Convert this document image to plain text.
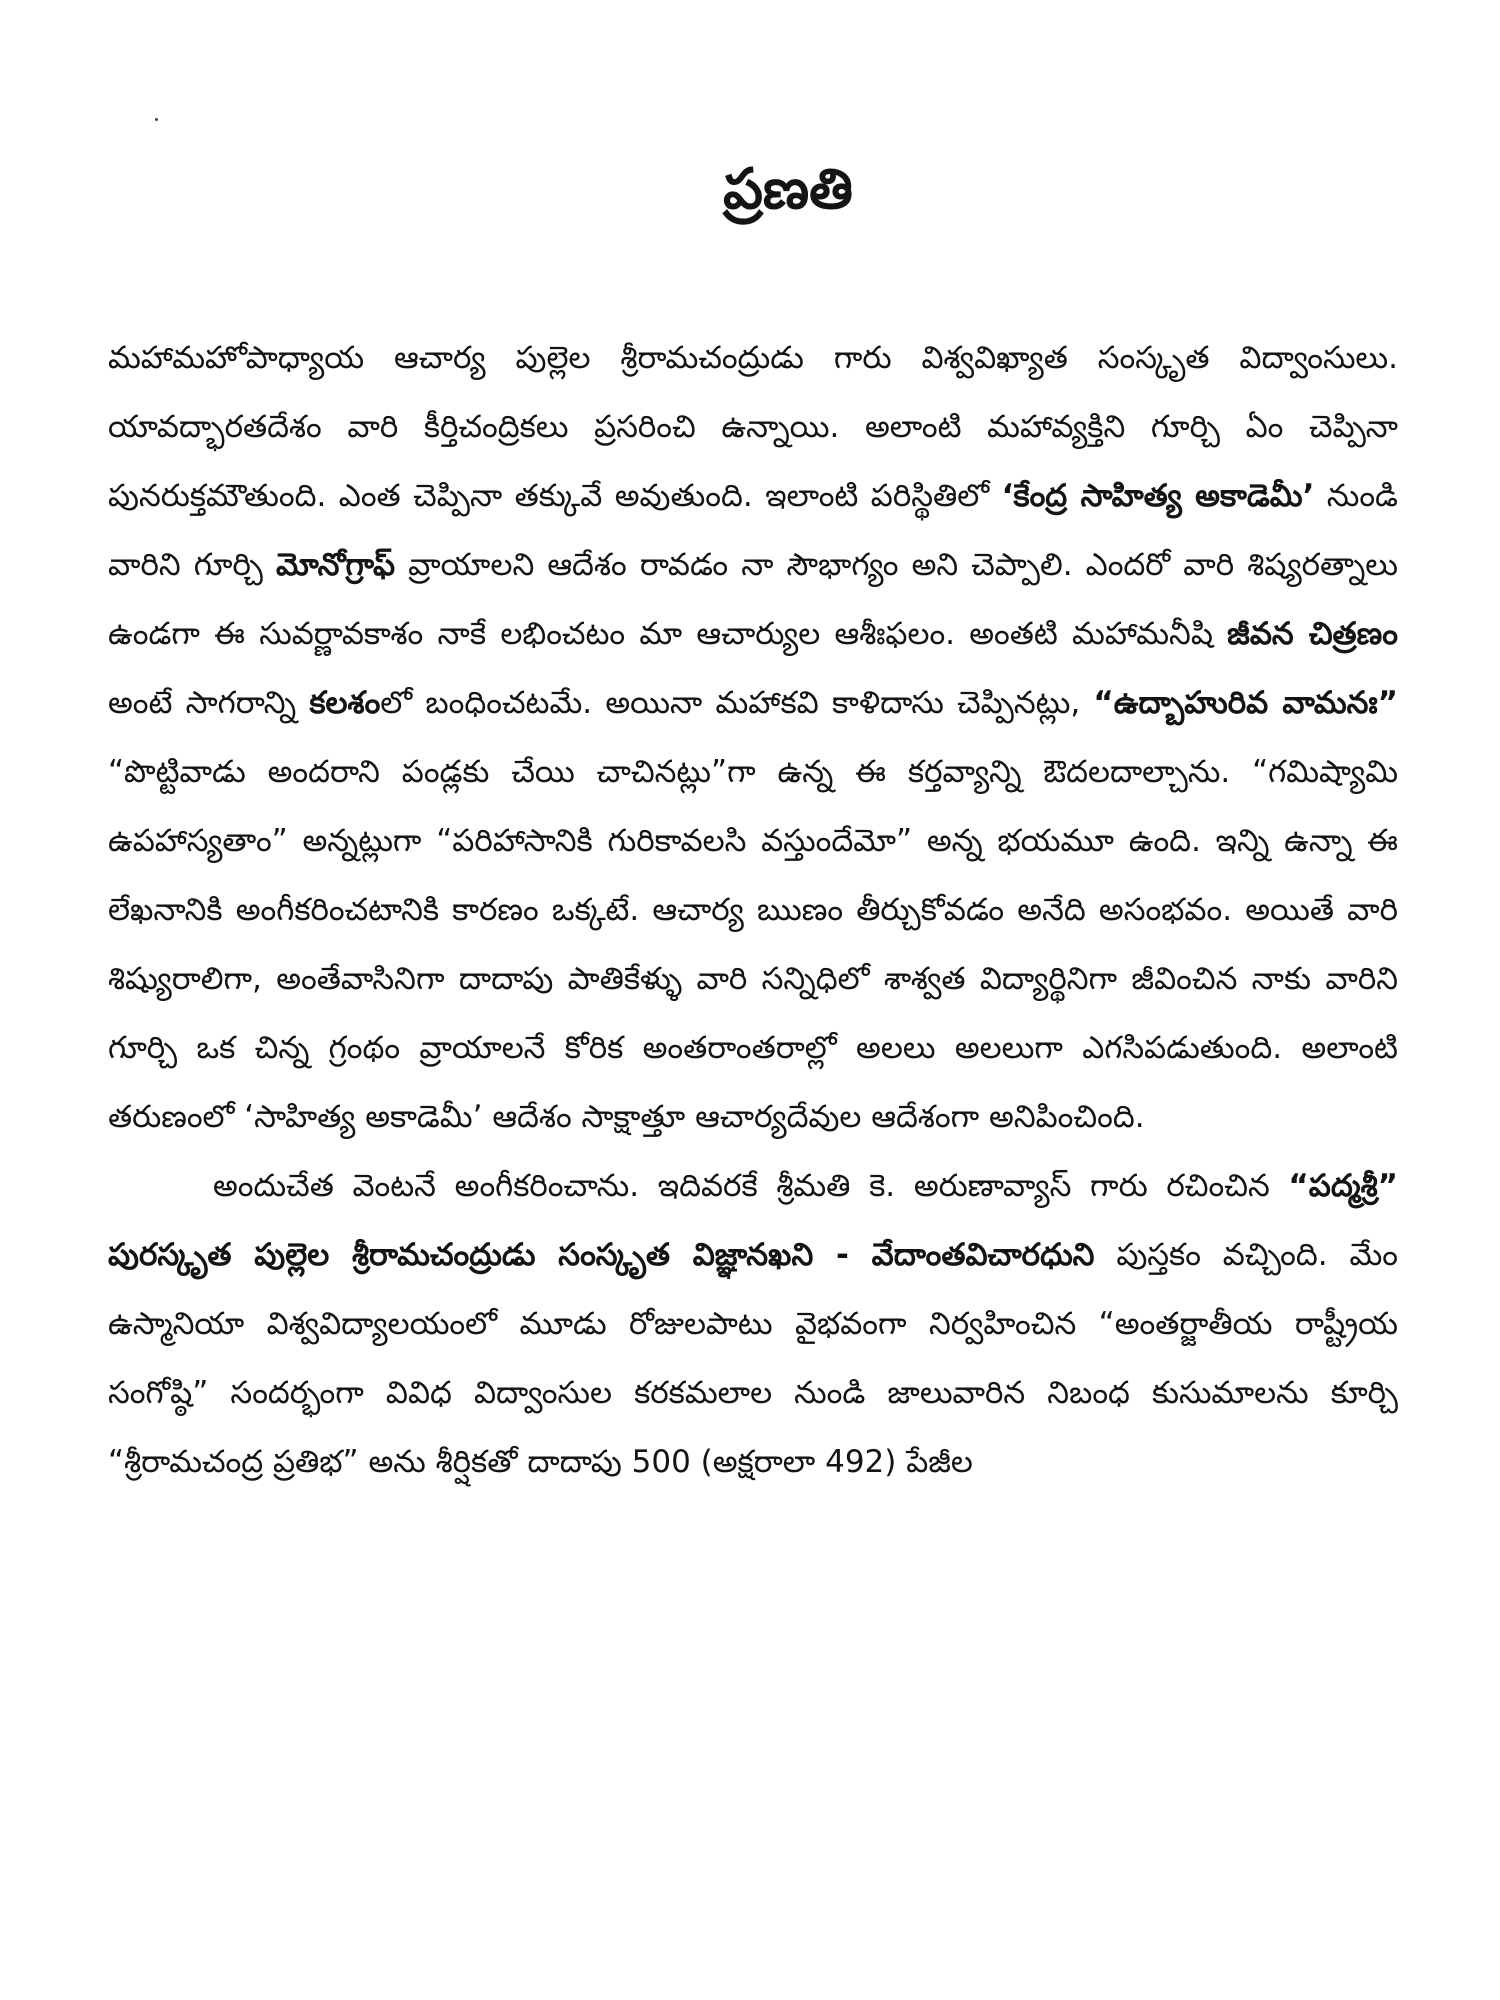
ప్రణతి

మహామహోపాధ్యాయ ఆచార్య పుల్లెల శ్రీరామచంద్రుడు గారు విశ్వవిఖ్యాత సంస్కృత విద్వాంసులు. యావద్భారతదేశం వారి కీర్తిచంద్రికలు ప్రసరించి ఉన్నాయి. అలాంటి మహావ్యక్తిని గూర్చి ఏం చెప్పినా పునరుక్తమౌతుంది. ఎంత చెప్పినా తక్కువే అవుతుంది. ఇలాంటి పరిస్థితిలో ‘కేంద్ర సాహిత్య అకాడెమీ’ నుండి వారిని గూర్చి మోనోగ్రాఫ్ వ్రాయాలని ఆదేశం రావడం నా సౌభాగ్యం అని చెప్పాలి. ఎందరో వారి శిష్యరత్నాలు ఉండగా ఈ సువర్ణావకాశం నాకే లభించటం మా ఆచార్యుల ఆశీఃఫలం. అంతటి మహామనీషి జీవన చిత్రణం అంటే సాగరాన్ని కలశంలో బంధించటమే. అయినా మహాకవి కాళిదాసు చెప్పినట్లు, “ఉద్బాహురివ వామనః” “పొట్టివాడు అందరాని పండ్లకు చేయి చాచినట్లు”గా ఉన్న ఈ కర్తవ్యాన్ని ఔదలదాల్చాను. “గమిష్యామి ఉపహాస్యతాం” అన్నట్లుగా “పరిహాసానికి గురికావలసి వస్తుందేమో” అన్న భయమూ ఉంది. ఇన్ని ఉన్నా ఈ లేఖనానికి అంగీకరించటానికి కారణం ఒక్కటే. ఆచార్య ఋణం తీర్చుకోవడం అనేది అసంభవం. అయితే వారి శిష్యురాలిగా, అంతేవాసినిగా దాదాపు పాతికేళ్ళు వారి సన్నిధిలో శాశ్వత విద్యార్థినిగా జీవించిన నాకు వారిని గూర్చి ఒక చిన్న గ్రంథం వ్రాయాలనే కోరిక అంతరాంతరాల్లో అలలు అలలుగా ఎగసిపడుతుంది. అలాంటి తరుణంలో ‘సాహిత్య అకాడెమీ’ ఆదేశం సాక్షాత్తూ ఆచార్యదేవుల ఆదేశంగా అనిపించింది.

అందుచేత వెంటనే అంగీకరించాను. ఇదివరకే శ్రీమతి కె. అరుణావ్యాస్ గారు రచించిన “పద్మశ్రీ” పురస్కృత పుల్లెల శ్రీరామచంద్రుడు సంస్కృత విజ్ఞానఖని - వేదాంతవిచారధుని పుస్తకం వచ్చింది. మేం ఉస్మానియా విశ్వవిద్యాలయంలో మూడు రోజులపాటు వైభవంగా నిర్వహించిన “అంతర్జాతీయ రాష్ట్రీయ సంగోష్ఠి” సందర్భంగా వివిధ విద్వాంసుల కరకమలాల నుండి జాలువారిన నిబంధ కుసుమాలను కూర్చి “శ్రీరామచంద్ర ప్రతిభ” అను శీర్షికతో దాదాపు 500 (అక్షరాలా 492) పేజీల
